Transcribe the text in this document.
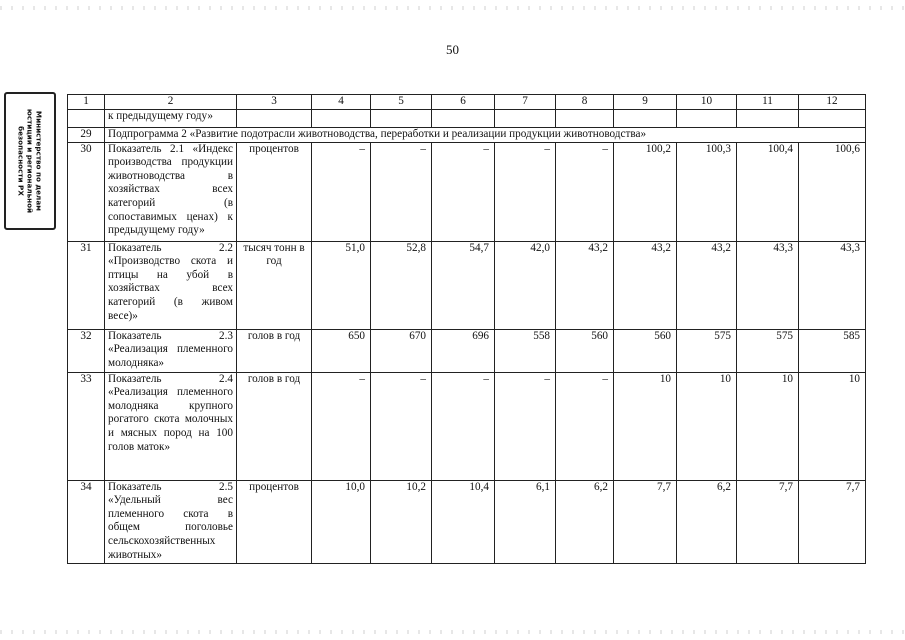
50
Министерство по делам юстиции и региональной безопасности РХ
1	2	3	4	5	6	7	8	9	10	11	12
	к предыдущему году»										
29	Подпрограмма 2 «Развитие подотрасли животноводства, переработки и реализации продукции животноводства»										
30	Показатель 2.1 «Индекс производства продукции животноводства в хозяйствах всех категорий (в сопоставимых ценах) к предыдущему году»	процентов	–	–	–	–	–	100,2	100,3	100,4	100,6
31	Показатель 2.2 «Производство скота и птицы на убой в хозяйствах всех категорий (в живом весе)»	тысяч тонн в год	51,0	52,8	54,7	42,0	43,2	43,2	43,2	43,3	43,3
32	Показатель 2.3 «Реализация племенного молодняка»	голов в год	650	670	696	558	560	560	575	575	585
33	Показатель 2.4 «Реализация племенного молодняка крупного рогатого скота молочных и мясных пород на 100 голов маток»	голов в год	–	–	–	–	–	10	10	10	10
34	Показатель 2.5 «Удельный вес племенного скота в общем поголовье сельскохозяйственных животных»	процентов	10,0	10,2	10,4	6,1	6,2	7,7	6,2	7,7	7,7
